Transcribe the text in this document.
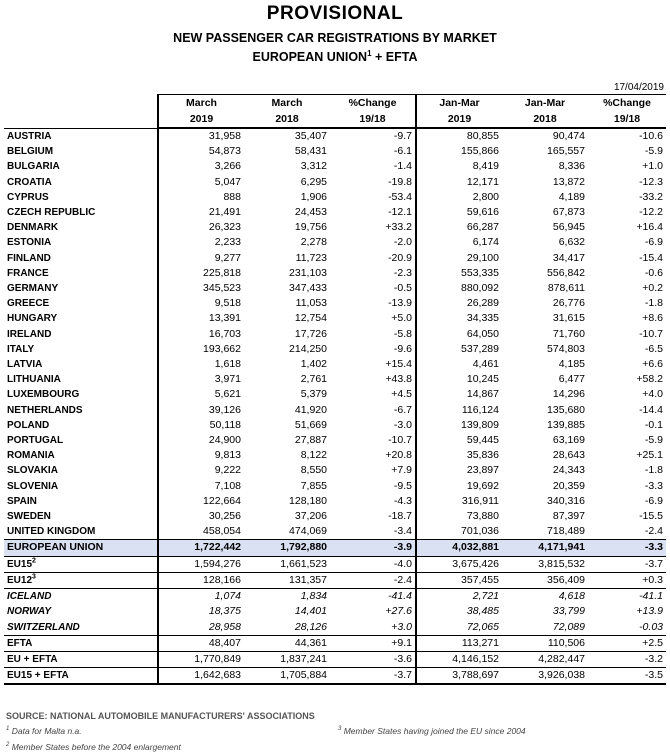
PROVISIONAL
NEW PASSENGER CAR REGISTRATIONS BY MARKET
EUROPEAN $UNION^1$ + EFTA
17/04/2019
	March	March	%Change	Jan-Mar	Jan-Mar	%Change
	2019	2018	19/18	2019	2018	19/18
AUSTRIA	31,958	35,407	-9.7	80,855	90,474	-10.6
BELGIUM	54,873	58,431	-6.1	155,866	165,557	-5.9
BULGARIA	3,266	3,312	-1.4	8,419	8,336	+1.0
CROATIA	5,047	6,295	-19.8	12,171	13,872	-12.3
CYPRUS	888	1,906	-53.4	2,800	4,189	-33.2
CZECH REPUBLIC	21,491	24,453	-12.1	59,616	67,873	-12.2
DENMARK	26,323	19,756	+33.2	66,287	56,945	+16.4
ESTONIA	2,233	2,278	-2.0	6,174	6,632	-6.9
FINLAND	9,277	11,723	-20.9	29,100	34,417	-15.4
FRANCE	225,818	231,103	-2.3	553,335	556,842	-0.6
GERMANY	345,523	347,433	-0.5	880,092	878,611	+0.2
GREECE	9,518	11,053	-13.9	26,289	26,776	-1.8
HUNGARY	13,391	12,754	+5.0	34,335	31,615	+8.6
IRELAND	16,703	17,726	-5.8	64,050	71,760	-10.7
ITALY	193,662	214,250	-9.6	537,289	574,803	-6.5
LATVIA	1,618	1,402	+15.4	4,461	4,185	+6.6
LITHUANIA	3,971	2,761	+43.8	10,245	6,477	+58.2
LUXEMBOURG	5,621	5,379	+4.5	14,867	14,296	+4.0
NETHERLANDS	39,126	41,920	-6.7	116,124	135,680	-14.4
POLAND	50,118	51,669	-3.0	139,809	139,885	-0.1
PORTUGAL	24,900	27,887	-10.7	59,445	63,169	-5.9
ROMANIA	9,813	8,122	+20.8	35,836	28,643	+25.1
SLOVAKIA	9,222	8,550	+7.9	23,897	24,343	-1.8
SLOVENIA	7,108	7,855	-9.5	19,692	20,359	-3.3
SPAIN	122,664	128,180	-4.3	316,911	340,316	-6.9
SWEDEN	30,256	37,206	-18.7	73,880	87,397	-15.5
UNITED KINGDOM	458,054	474,069	-3.4	701,036	718,489	-2.4
EUROPEAN UNION	1,722,442	1,792,880	-3.9	4,032,881	4,171,941	-3.3
$EU15^2$	1,594,276	1,661,523	-4.0	3,675,426	3,815,532	-3.7
$EU12^3$	128,166	131,357	-2.4	357,455	356,409	+0.3
ICELAND	1,074	1,834	-41.4	2,721	4,618	-41.1
NORWAY	18,375	14,401	+27.6	38,485	33,799	+13.9
SWITZERLAND	28,958	28,126	+3.0	72,065	72,089	-0.03
EFTA	48,407	44,361	+9.1	113,271	110,506	+2.5
EU + EFTA	1,770,849	1,837,241	-3.6	4,146,152	4,282,447	-3.2
EU15 + EFTA	1,642,683	1,705,884	-3.7	3,788,697	3,926,038	-3.5
SOURCE: NATIONAL AUTOMOBILE MANUFACTURERS' ASSOCIATIONS
$^1$ Data for Malta n.a.
$^2$ Member States before the 2004 enlargement
$^3$ Member States having joined the EU since 2004
